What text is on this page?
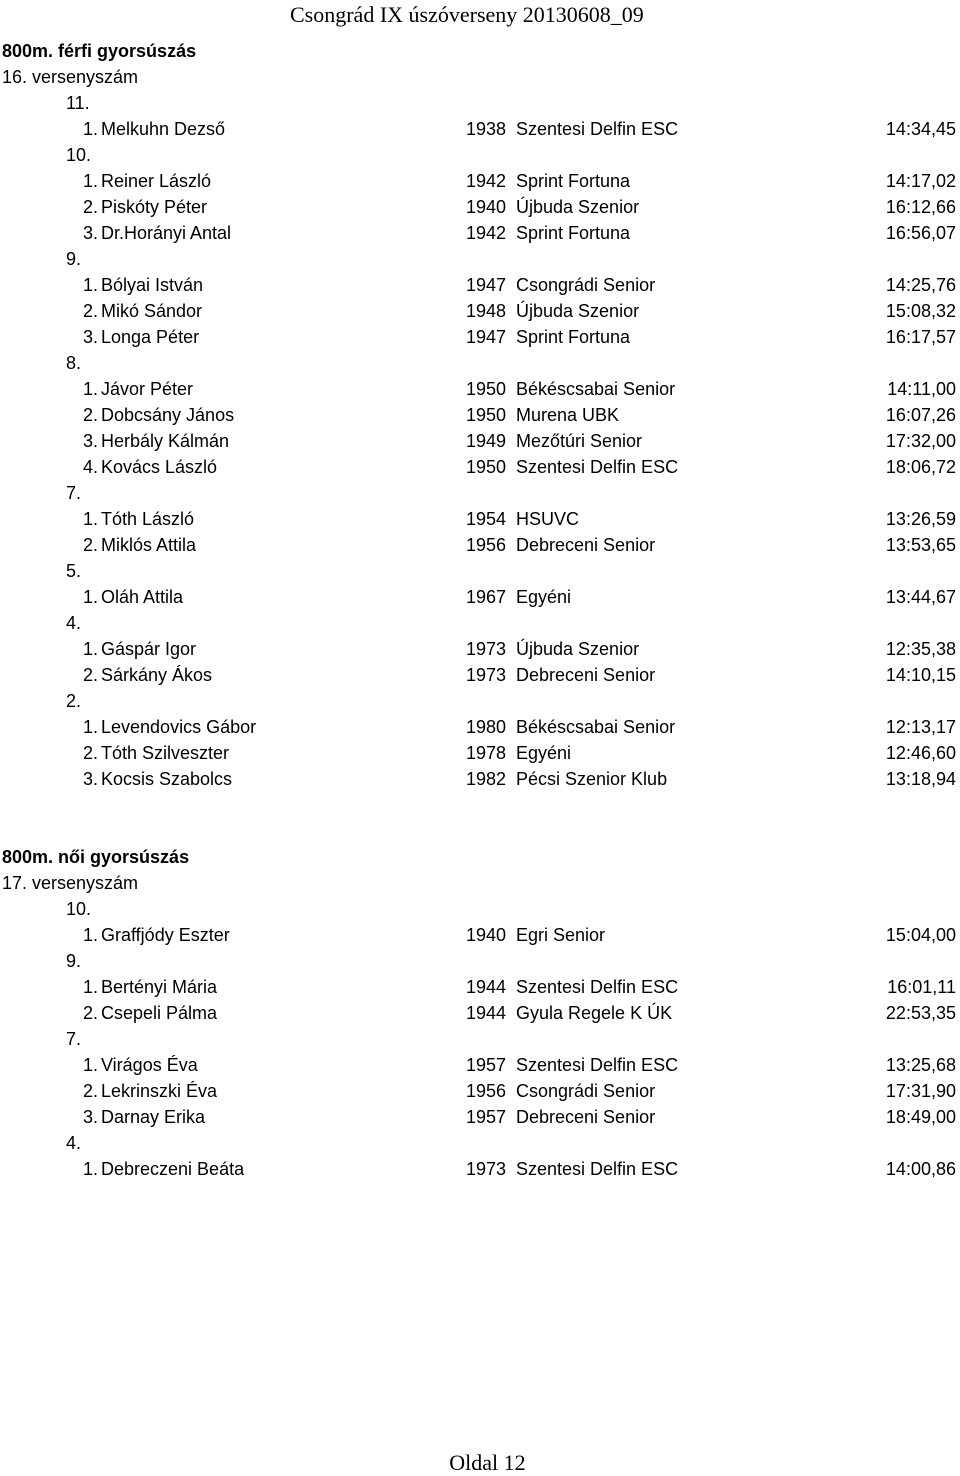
Csongrád IX úszóverseny 20130608_09
800m. férfi gyorsúszás
16. versenyszám
11.
1. Melkuhn Dezső	1938 Szentesi Delfin ESC	14:34,45
10.
1. Reiner László	1942 Sprint Fortuna	14:17,02
2. Piskóty Péter	1940 Újbuda Szenior	16:12,66
3. Dr.Horányi Antal	1942 Sprint Fortuna	16:56,07
9.
1. Bólyai István	1947 Csongrádi Senior	14:25,76
2. Mikó Sándor	1948 Újbuda Szenior	15:08,32
3. Longa Péter	1947 Sprint Fortuna	16:17,57
8.
1. Jávor Péter	1950 Békéscsabai Senior	14:11,00
2. Dobcsány János	1950 Murena UBK	16:07,26
3. Herbály Kálmán	1949 Mezőtúri Senior	17:32,00
4. Kovács László	1950 Szentesi Delfin ESC	18:06,72
7.
1. Tóth László	1954 HSUVC	13:26,59
2. Miklós Attila	1956 Debreceni Senior	13:53,65
5.
1. Oláh Attila	1967 Egyéni	13:44,67
4.
1. Gáspár Igor	1973 Újbuda Szenior	12:35,38
2. Sárkány Ákos	1973 Debreceni Senior	14:10,15
2.
1. Levendovics Gábor	1980 Békéscsabai Senior	12:13,17
2. Tóth Szilveszter	1978 Egyéni	12:46,60
3. Kocsis Szabolcs	1982 Pécsi Szenior Klub	13:18,94
800m. női gyorsúszás
17. versenyszám
10.
1. Graffjódy Eszter	1940 Egri Senior	15:04,00
9.
1. Bertényi Mária	1944 Szentesi Delfin ESC	16:01,11
2. Csepeli Pálma	1944 Gyula Regele K ÚK	22:53,35
7.
1. Virágos Éva	1957 Szentesi Delfin ESC	13:25,68
2. Lekrinszki Éva	1956 Csongrádi Senior	17:31,90
3. Darnay Erika	1957 Debreceni Senior	18:49,00
4.
1. Debreczeni Beáta	1973 Szentesi Delfin ESC	14:00,86
Oldal 12
